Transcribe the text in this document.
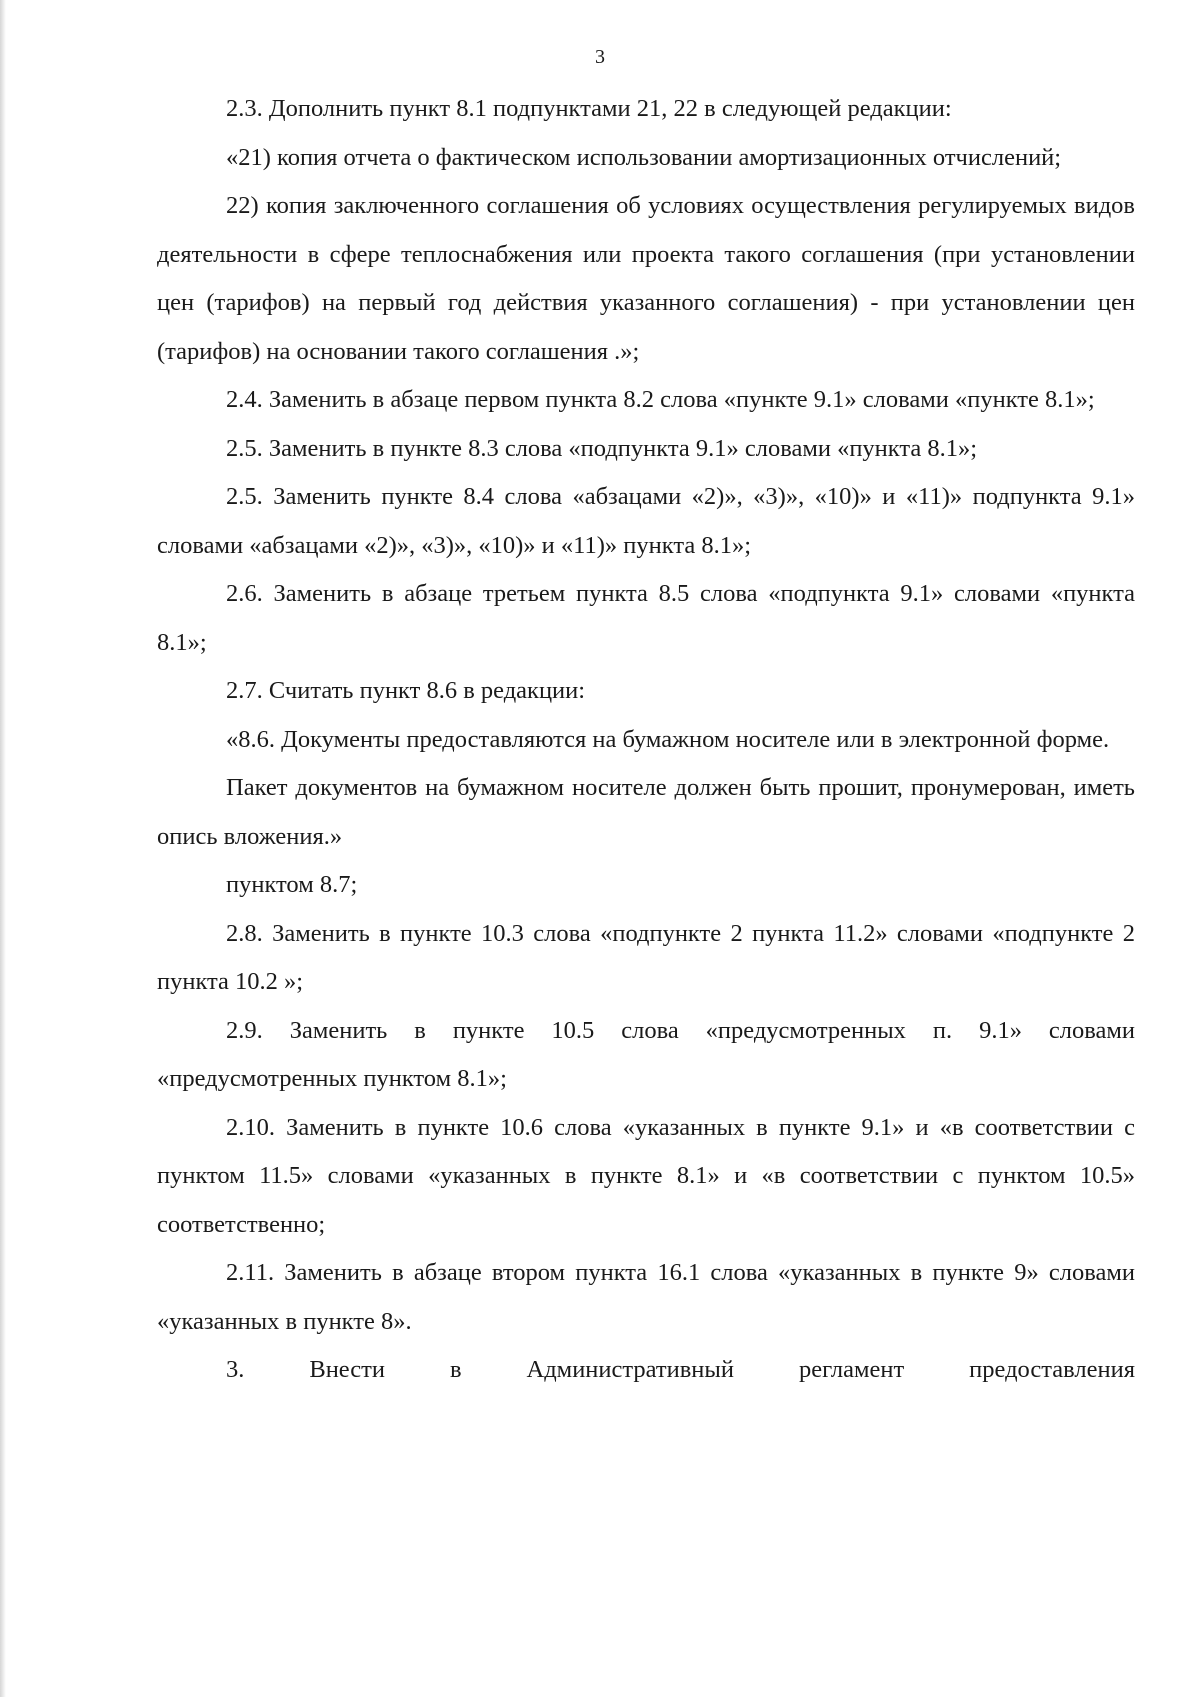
3

2.3. Дополнить пункт 8.1 подпунктами 21, 22 в следующей редакции:

«21) копия отчета о фактическом использовании амортизационных отчислений;

22) копия заключенного соглашения об условиях осуществления регулируемых видов деятельности в сфере теплоснабжения или проекта такого соглашения (при установлении цен (тарифов) на первый год действия указанного соглашения) - при установлении цен (тарифов) на основании такого соглашения .»;

2.4. Заменить в абзаце первом пункта 8.2 слова «пункте 9.1» словами «пункте 8.1»;

2.5. Заменить в пункте 8.3 слова «подпункта 9.1» словами «пункта 8.1»;

2.5. Заменить пункте 8.4 слова «абзацами «2)», «3)», «10)» и «11)» подпункта 9.1» словами «абзацами «2)», «3)», «10)» и «11)» пункта 8.1»;

2.6. Заменить в абзаце третьем пункта 8.5 слова «подпункта 9.1» словами «пункта 8.1»;

2.7. Считать пункт 8.6 в редакции:

«8.6. Документы предоставляются на бумажном носителе или в электронной форме.

Пакет документов на бумажном носителе должен быть прошит, пронумерован, иметь опись вложения.»

пунктом 8.7;

2.8. Заменить в пункте 10.3 слова «подпункте 2 пункта 11.2» словами «подпункте 2 пункта 10.2 »;

2.9. Заменить в пункте 10.5 слова «предусмотренных п. 9.1» словами «предусмотренных пунктом 8.1»;

2.10. Заменить в пункте 10.6 слова «указанных в пункте 9.1» и «в соответствии с пунктом 11.5» словами «указанных в пункте 8.1» и «в соответствии с пунктом 10.5» соответственно;

2.11. Заменить в абзаце втором пункта 16.1 слова «указанных в пункте 9» словами «указанных в пункте 8».

3. Внести в Административный регламент предоставления
